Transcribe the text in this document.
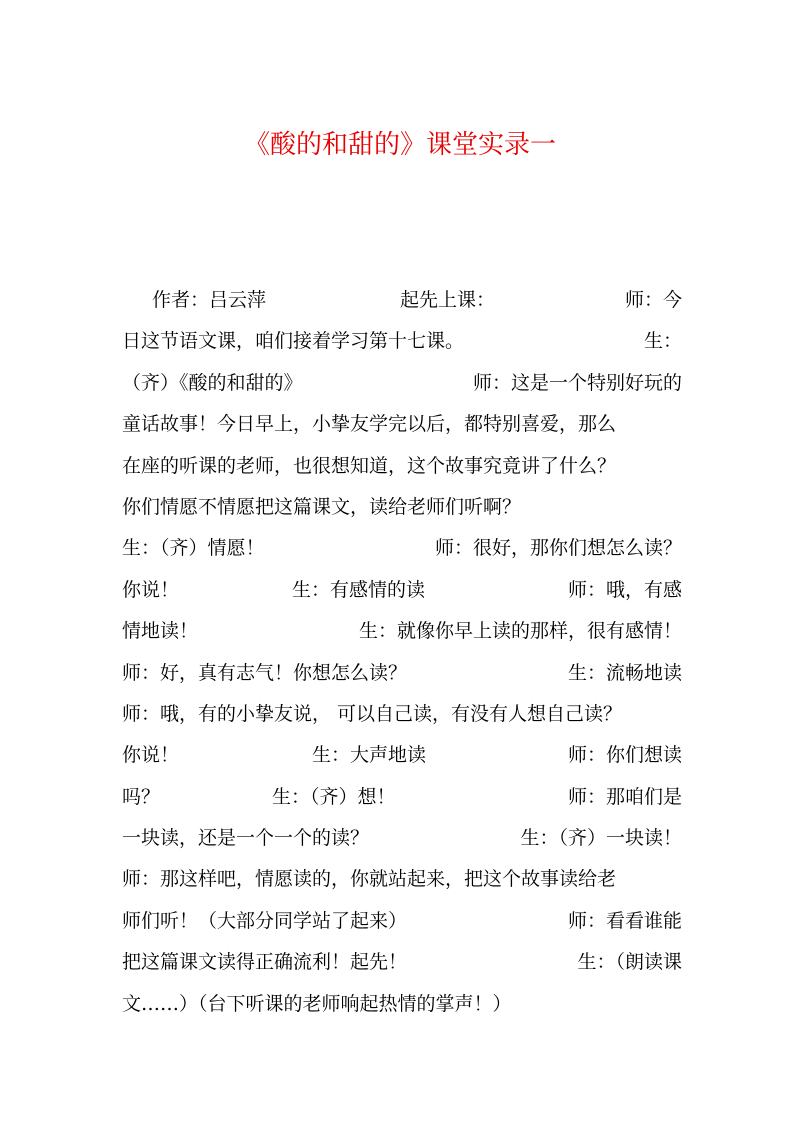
《酸的和甜的》课堂实录一
作者：吕云萍	起先上课：	师：今
日这节语文课，咱们接着学习第十七课。	生：
（齐）《酸的和甜的》	师：这是一个特别好玩的
童话故事！今日早上，小挚友学完以后，都特别喜爱，那么
在座的听课的老师，也很想知道，这个故事究竟讲了什么？
你们情愿不情愿把这篇课文，读给老师们听啊？
生：（齐）情愿！	师：很好，那你们想怎么读？
你说！	生：有感情的读	师：哦，有感
情地读！	生：就像你早上读的那样，很有感情！
师：好，真有志气！你想怎么读？	生：流畅地读
师：哦，有的小挚友说， 可以自己读，有没有人想自己读？
你说！	生：大声地读	师：你们想读
吗？	生：（齐）想！	师：那咱们是
一块读，还是一个一个的读？	生：（齐）一块读！
师：那这样吧，情愿读的，你就站起来，把这个故事读给老
师们听！（大部分同学站了起来）	师：看看谁能
把这篇课文读得正确流利！起先！	生：（朗读课
文……）（台下听课的老师响起热情的掌声！）
